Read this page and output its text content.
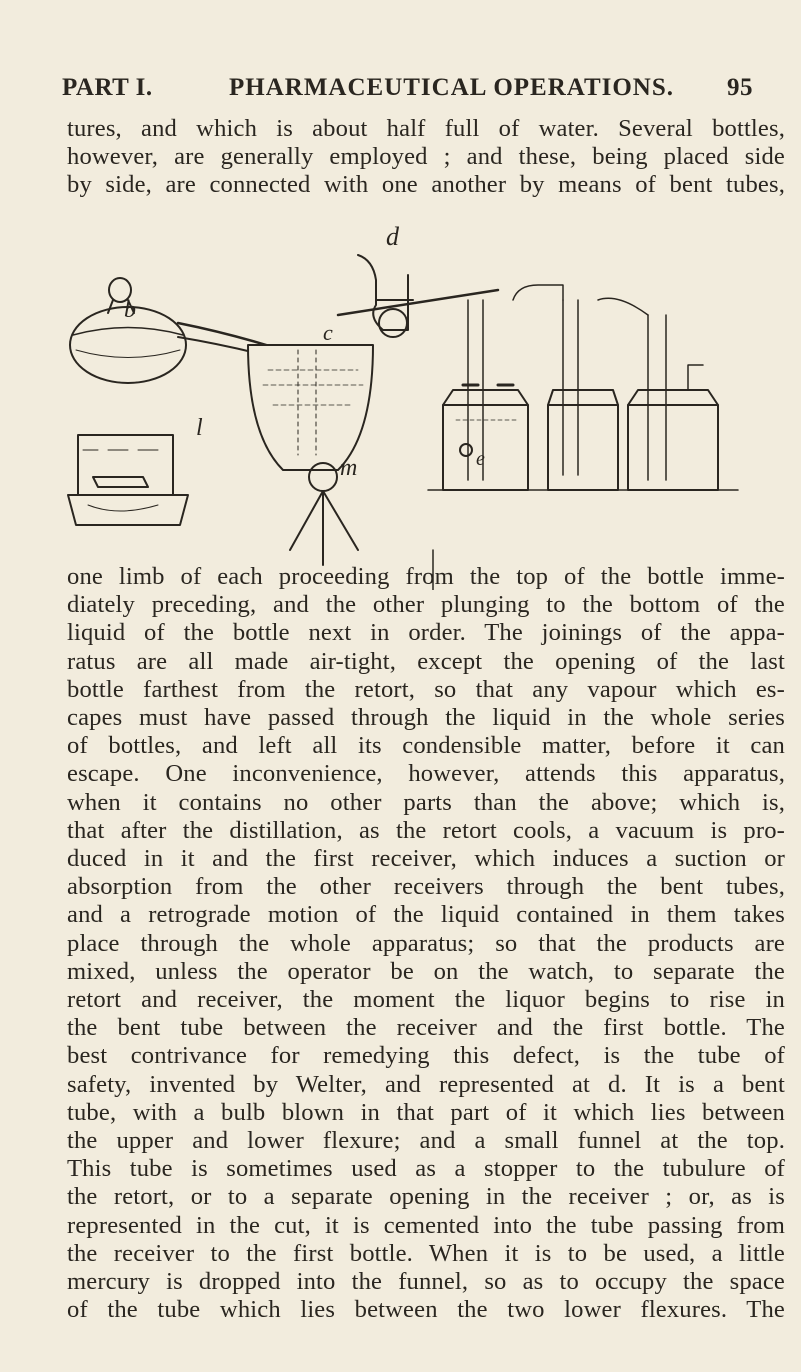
PART I.	PHARMACEUTICAL OPERATIONS. 95
tures, and which is about half full of water. Several bottles,
however, are generally employed ; and these, being placed side
by side, are connected with one another by means of bent tubes,
b
c
d
e
l
m
one limb of each proceeding from the top of the bottle imme-
diately preceding, and the other plunging to the bottom of the
liquid of the bottle next in order. The joinings of the appa-
ratus are all made air-tight, except the opening of the last
bottle farthest from the retort, so that any vapour which es-
capes must have passed through the liquid in the whole series
of bottles, and left all its condensible matter, before it can
escape. One inconvenience, however, attends this apparatus,
when it contains no other parts than the above; which is,
that after the distillation, as the retort cools, a vacuum is pro-
duced in it and the first receiver, which induces a suction or
absorption from the other receivers through the bent tubes,
and a retrograde motion of the liquid contained in them takes
place through the whole apparatus; so that the products are
mixed, unless the operator be on the watch, to separate the
retort and receiver, the moment the liquor begins to rise in
the bent tube between the receiver and the first bottle. The
best contrivance for remedying this defect, is the tube of
safety, invented by Welter, and represented at d. It is a bent
tube, with a bulb blown in that part of it which lies between
the upper and lower flexure; and a small funnel at the top.
This tube is sometimes used as a stopper to the tubulure of
the retort, or to a separate opening in the receiver ; or, as is
represented in the cut, it is cemented into the tube passing from
the receiver to the first bottle. When it is to be used, a little
mercury is dropped into the funnel, so as to occupy the space
of the tube which lies between the two lower flexures. The
